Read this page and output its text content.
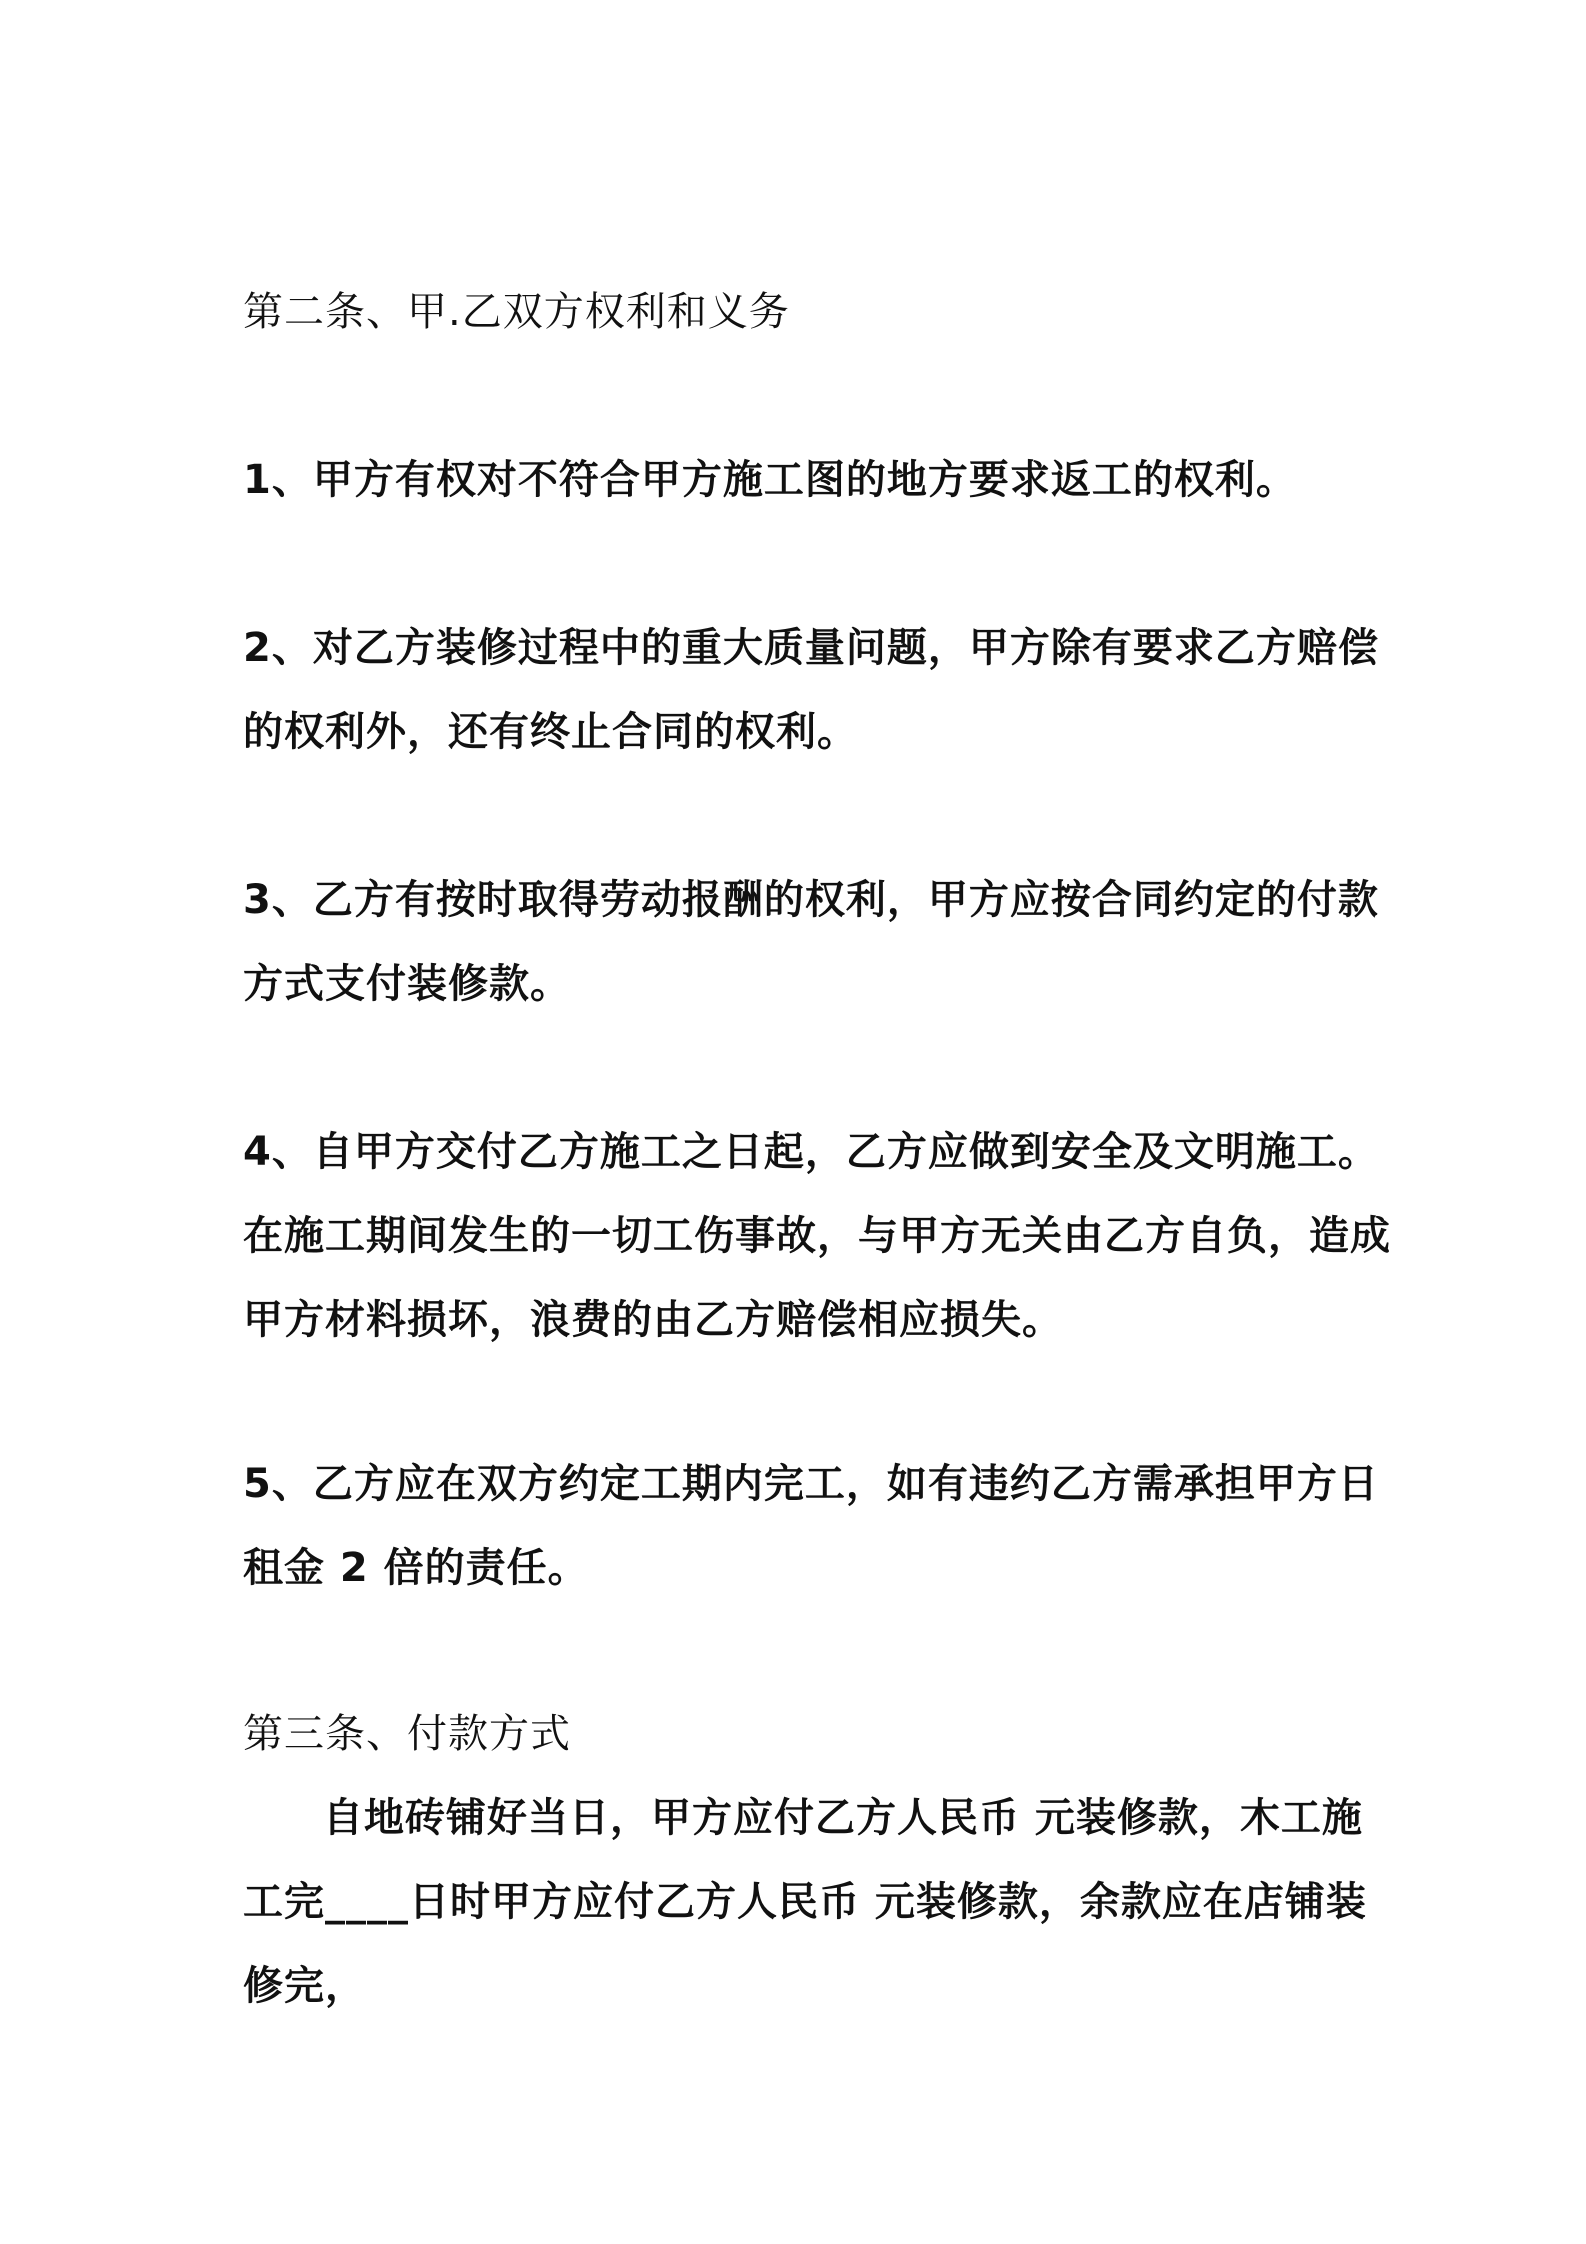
第二条、甲.乙双方权利和义务
1、甲方有权对不符合甲方施工图的地方要求返工的权利。
2、对乙方装修过程中的重大质量问题，甲方除有要求乙方赔偿
的权利外，还有终止合同的权利。
3、乙方有按时取得劳动报酬的权利，甲方应按合同约定的付款
方式支付装修款。
4、自甲方交付乙方施工之日起，乙方应做到安全及文明施工。
在施工期间发生的一切工伤事故，与甲方无关由乙方自负，造成
甲方材料损坏，浪费的由乙方赔偿相应损失。
5、乙方应在双方约定工期内完工，如有违约乙方需承担甲方日
租金 2 倍的责任。
第三条、付款方式
自地砖铺好当日，甲方应付乙方人民币 元装修款，木工施
工完____日时甲方应付乙方人民币 元装修款，余款应在店铺装
修完，
